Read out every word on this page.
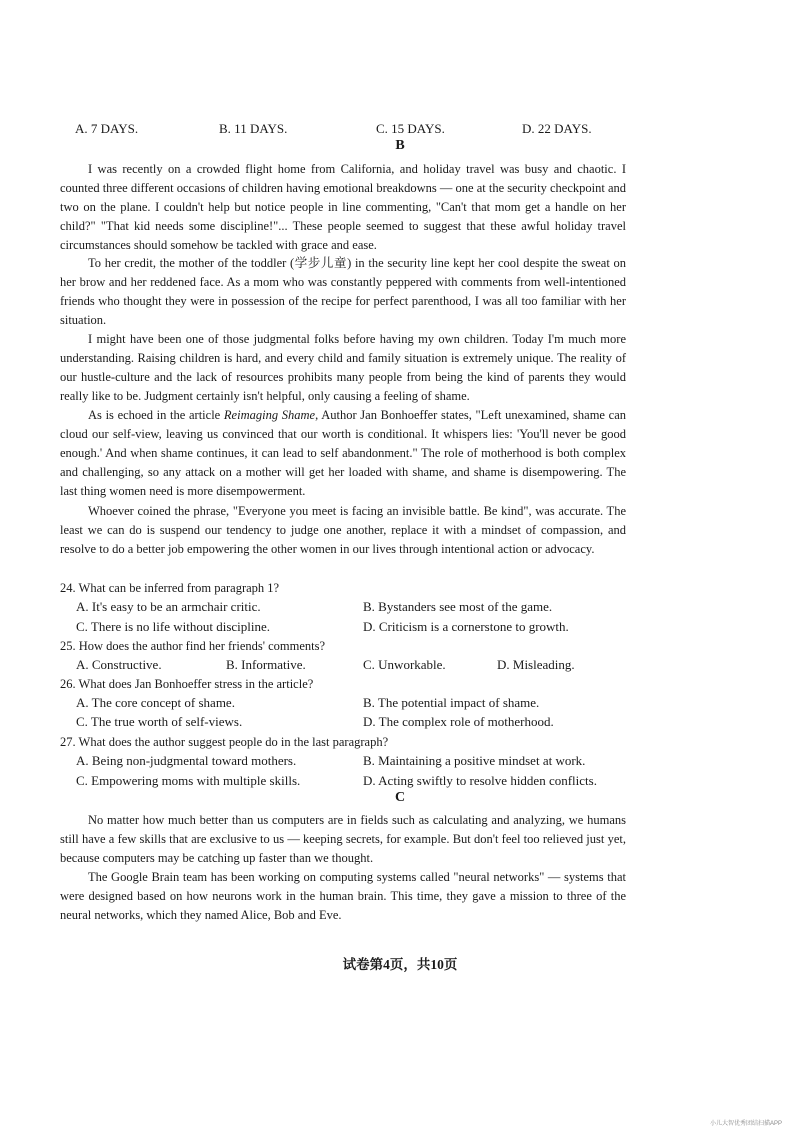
A. 7 DAYS.	B. 11 DAYS.	C. 15 DAYS.	D. 22 DAYS.
B
I was recently on a crowded flight home from California, and holiday travel was busy and chaotic. I counted three different occasions of children having emotional breakdowns — one at the security checkpoint and two on the plane. I couldn't help but notice people in line commenting, "Can't that mom get a handle on her child?" "That kid needs some discipline!"... These people seemed to suggest that these awful holiday travel circumstances should somehow be tackled with grace and ease.
To her credit, the mother of the toddler (学步儿童) in the security line kept her cool despite the sweat on her brow and her reddened face. As a mom who was constantly peppered with comments from well-intentioned friends who thought they were in possession of the recipe for perfect parenthood, I was all too familiar with her situation.
I might have been one of those judgmental folks before having my own children. Today I'm much more understanding. Raising children is hard, and every child and family situation is extremely unique. The reality of our hustle-culture and the lack of resources prohibits many people from being the kind of parents they would really like to be. Judgment certainly isn't helpful, only causing a feeling of shame.
As is echoed in the article Reimaging Shame, Author Jan Bonhoeffer states, "Left unexamined, shame can cloud our self-view, leaving us convinced that our worth is conditional. It whispers lies: 'You'll never be good enough.' And when shame continues, it can lead to self abandonment." The role of motherhood is both complex and challenging, so any attack on a mother will get her loaded with shame, and shame is disempowering. The last thing women need is more disempowerment.
Whoever coined the phrase, "Everyone you meet is facing an invisible battle. Be kind", was accurate. The least we can do is suspend our tendency to judge one another, replace it with a mindset of compassion, and resolve to do a better job empowering the other women in our lives through intentional action or advocacy.
24. What can be inferred from paragraph 1?
A. It's easy to be an armchair critic.	B. Bystanders see most of the game.
C. There is no life without discipline.	D. Criticism is a cornerstone to growth.
25. How does the author find her friends' comments?
A. Constructive.	B. Informative.	C. Unworkable.	D. Misleading.
26. What does Jan Bonhoeffer stress in the article?
A. The core concept of shame.	B. The potential impact of shame.
C. The true worth of self-views.	D. The complex role of motherhood.
27. What does the author suggest people do in the last paragraph?
A. Being non-judgmental toward mothers.	B. Maintaining a positive mindset at work.
C. Empowering moms with multiple skills.	D. Acting swiftly to resolve hidden conflicts.
C
No matter how much better than us computers are in fields such as calculating and analyzing, we humans still have a few skills that are exclusive to us — keeping secrets, for example. But don't feel too relieved just yet, because computers may be catching up faster than we thought.
The Google Brain team has been working on computing systems called "neural networks" — systems that were designed based on how neurons work in the human brain. This time, they gave a mission to three of the neural networks, which they named Alice, Bob and Eve.
试卷第4页，共10页
小儿大智优秀团结扫描APP
